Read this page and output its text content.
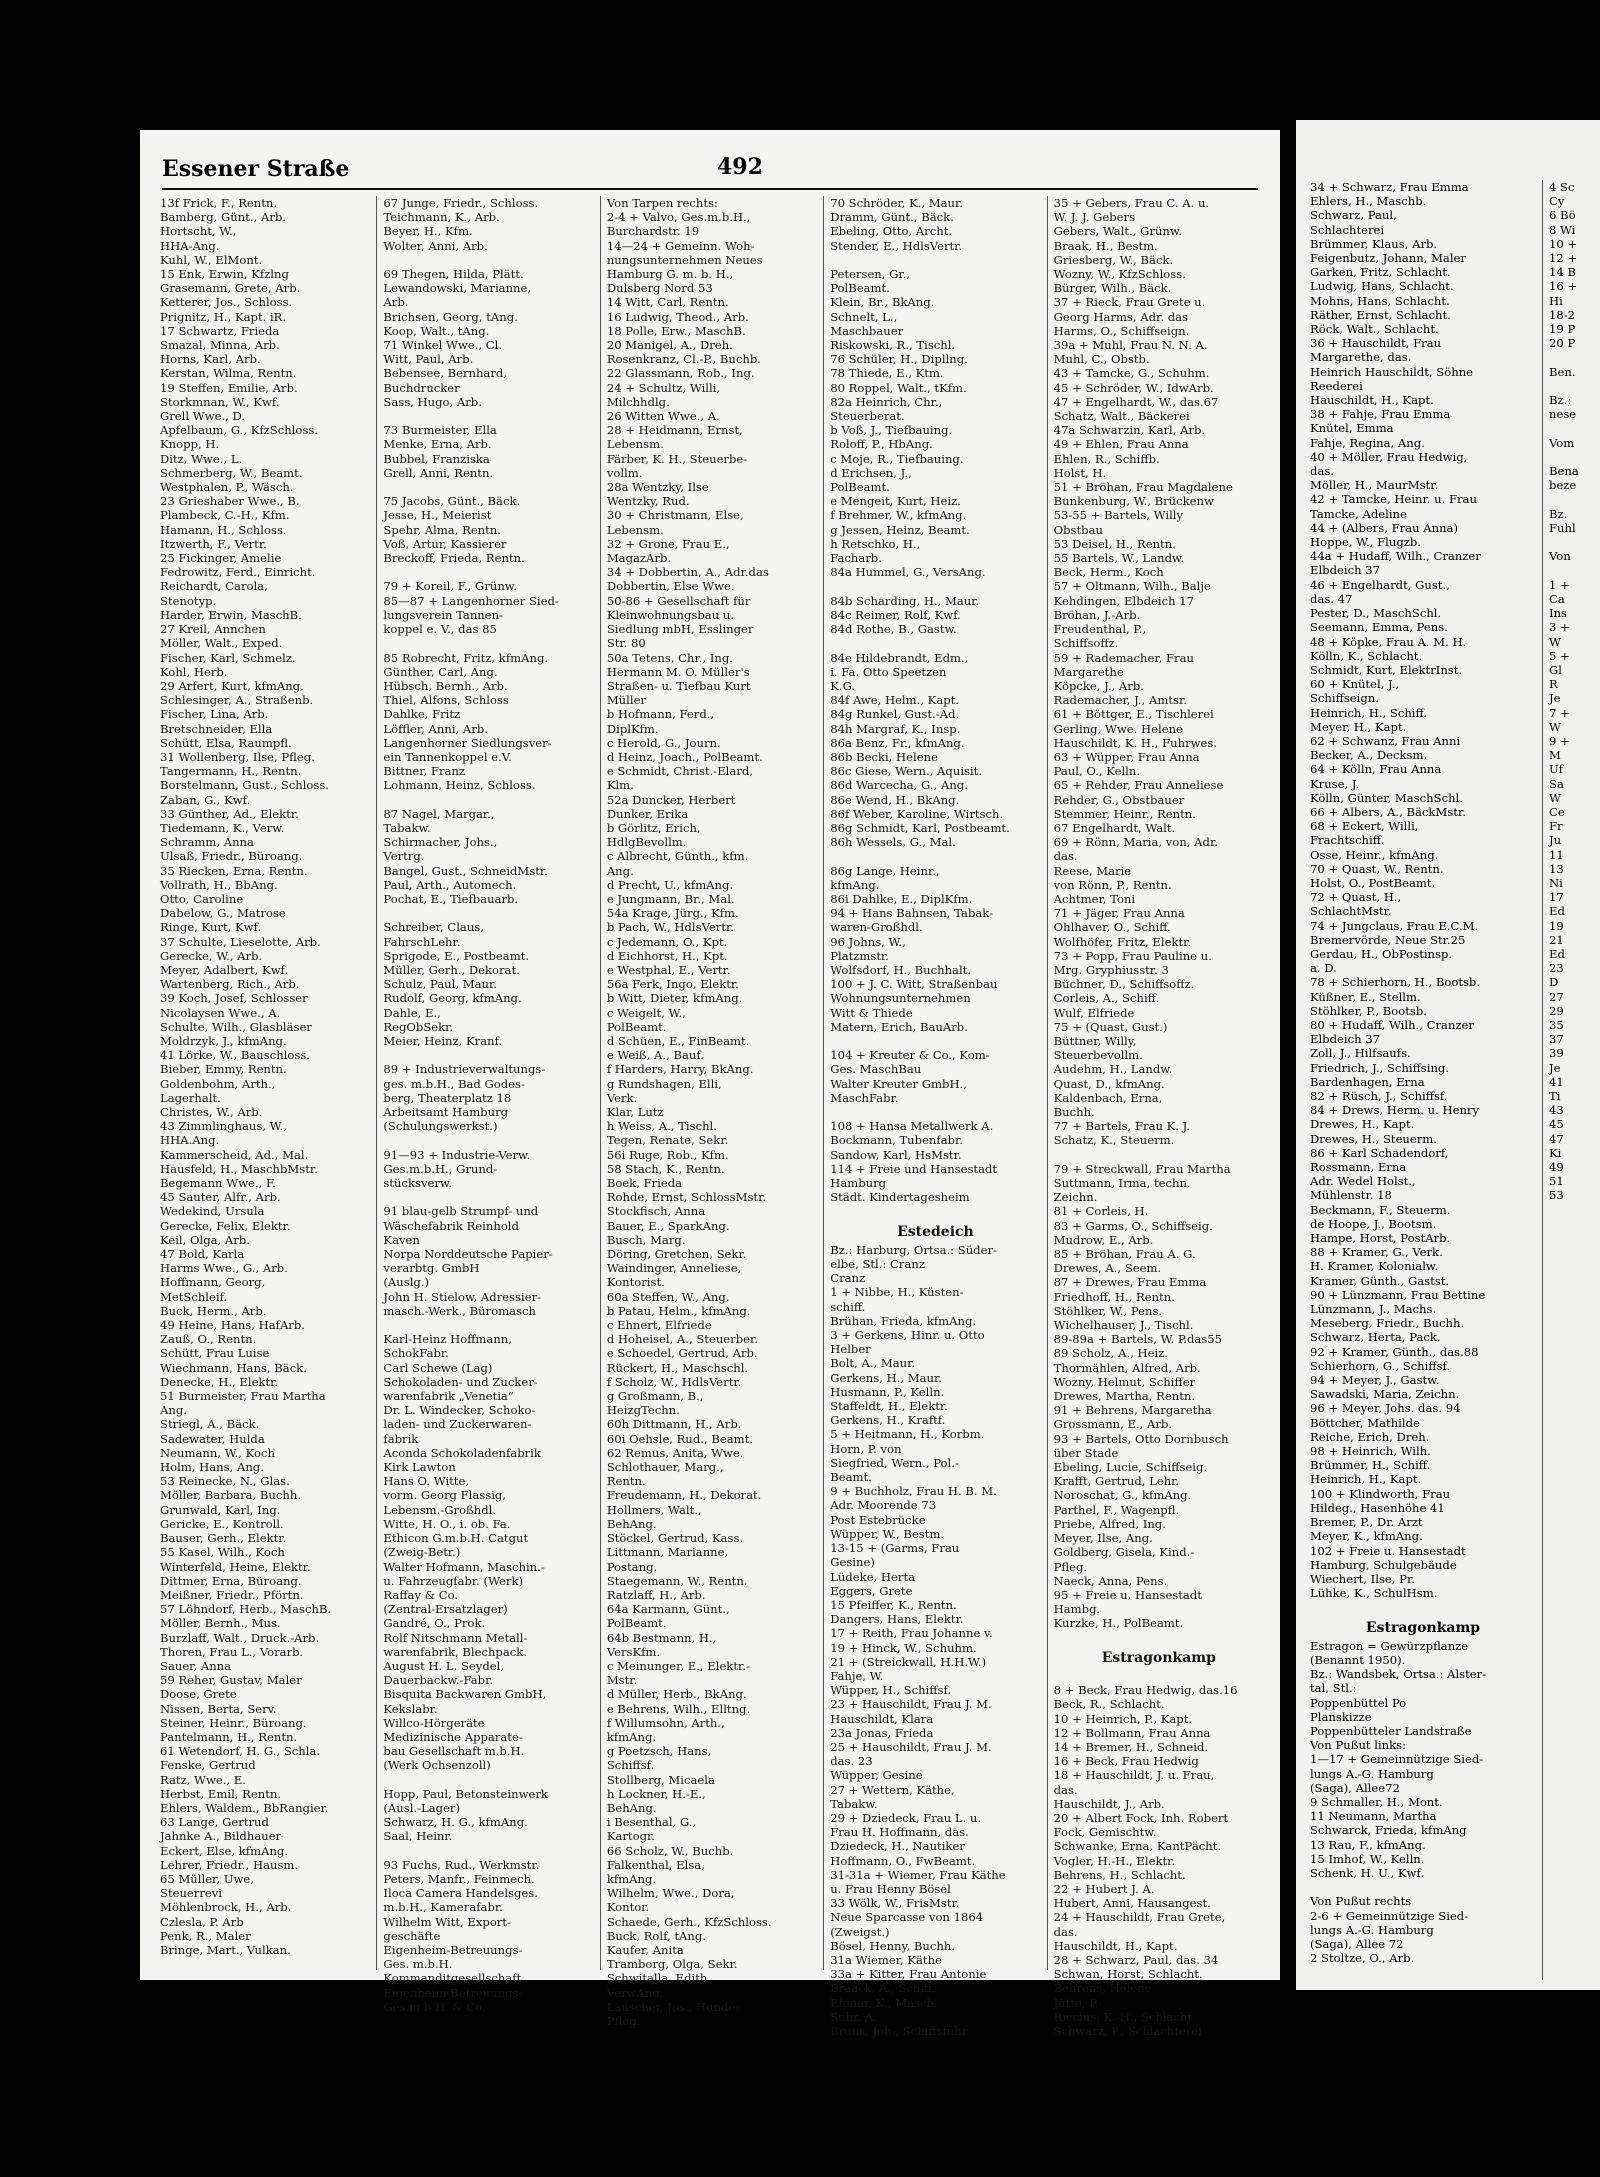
Essener Straße	492
13f Frick, F., Rentn.
Bamberg, Günt., Arb.
Hortscht, W.,
HHA-Ang.
Kuhl, W., ElMont.
15 Enk, Erwin, Kfzlng
Grasemann, Grete, Arb.
Ketterer, Jos., Schloss.
Prignitz, H., Kapt. iR.
17 Schwartz, Frieda
Smazal, Minna, Arb.
Horns, Karl, Arb.
Kerstan, Wilma, Rentn.
19 Steffen, Emilie, Arb.
Storkmnan, W., Kwf.
Grell Wwe., D.
Apfelbaum, G., KfzSchloss.
Knopp, H.
Ditz, Wwe., L.
Schmerberg, W., Beamt.
Westphalen, P., Wäsch.
23 Grieshaber Wwe., B.
Plambeck, C.-H., Kfm.
Hamann, H., Schloss.
Itzwerth, F., Vertr.
25 Fickinger, Amelie
Fedrowitz, Ferd., Einricht.
Reichardt, Carola,
Stenotyp.
Harder, Erwin, MaschB.
27 Kreil, Annchen
Möller, Walt., Exped.
Fischer, Karl, Schmelz.
Kohl, Herb.
29 Arfert, Kurt, kfmAng.
Schlesinger, A., Straßenb.
Fischer, Lina, Arb.
Bretschneider, Ella
Schütt, Elsa, Raumpfl.
31 Wollenberg, Ilse, Pfleg.
Tangermann, H., Rentn.
Borstelmann, Gust., Schloss.
Zaban, G., Kwf.
33 Günther, Ad., Elektr.
Tiedemann, K., Verw.
Schramm, Anna
Ulsaß, Friedr., Büroang.
35 Riecken, Erna, Rentn.
Vollrath, H., BbAng.
Otto, Caroline
Dabelow, G., Matrose
Ringe, Kurt, Kwf.
37 Schulte, Lieselotte, Arb.
Gerecke, W., Arb.
Meyer, Adalbert, Kwf.
Wartenberg, Rich., Arb.
39 Koch, Josef, Schlosser
Nicolaysen Wwe., A.
Schulte, Wilh., Glasbläser
Moldrzyk, J., kfmAng.
41 Lörke, W., Bauschloss.
Bieber, Emmy, Rentn.
Goldenbohm, Arth.,
Lagerhalt.
Christes, W., Arb.
43 Zimmlinghaus, W.,
HHA.Ang.
Kammerscheid, Ad., Mal.
Hausfeld, H., MaschbMstr.
Begemann Wwe., F.
45 Sauter, Alfr., Arb.
Wedekind, Ursula
Gerecke, Felix, Elektr.
Keil, Olga, Arb.
47 Bold, Karla
Harms Wwe., G., Arb.
Hoffmann, Georg,
MetSchleif.
Buck, Herm., Arb.
49 Heine, Hans, HafArb.
Zauß, O., Rentn.
Schütt, Frau Luise
Wiechmann, Hans, Bäck.
Denecke, H., Elektr.
51 Burmeister, Frau Martha
Ang.
Striegl, A., Bäck.
Sadewater, Hulda
Neumann, W., Koch
Holm, Hans, Ang.
53 Reinecke, N., Glas.
Möller, Barbara, Buchh.
Grunwald, Karl, Ing.
Gericke, E., Kontroll.
Bauser, Gerh., Elektr.
55 Kasel, Wilh., Koch
Winterfeld, Heine, Elektr.
Dittmer, Erna, Büroang.
Meißner, Friedr., Pförtn.
57 Löhndorf, Herb., MaschB.
Möller, Bernh., Mus.
Burzlaff, Walt., Druck.-Arb.
Thoren, Frau L., Vorarb.
Sauer, Anna
59 Reher, Gustav, Maler
Doose, Grete
Nissen, Berta, Serv.
Steiner, Heinr., Büroang.
Pantelmann, H., Rentn.
61 Wetendorf, H. G., Schla.
Fenske, Gertrud
Ratz, Wwe., E.
Herbst, Emil, Rentn.
Ehlers, Waldem., BbRangier.
63 Lange, Gertrud
Jahnke A., Bildhauer
Eckert, Else, kfmAng.
Lehrer, Friedr., Hausm.
65 Müller, Uwe,
Steuerrevi
Möhlenbrock, H., Arb.
Czlesla, P. Arb
Penk, R., Maler
Bringe, Mart., Vulkan.
67 Junge, Friedr., Schloss.
Teichmann, K., Arb.
Beyer, H., Kfm.
Wolter, Anni, Arb.

69 Thegen, Hilda, Plätt.
Lewandowski, Marianne,
Arb.
Brichsen, Georg, tAng.
Koop, Walt., tAng.
71 Winkel Wwe., Cl.
Witt, Paul, Arb.
Bebensee, Bernhard,
Buchdrucker
Sass, Hugo, Arb.

73 Burmeister, Ella
Menke, Erna, Arb.
Bubbel, Franziska
Grell, Anni, Rentn.

75 Jacobs, Günt., Bäck.
Jesse, H., Meierist
Spehr, Alma, Rentn.
Voß, Artur, Kassierer
Breckoff, Frieda, Rentn.

79 + Koreil, F., Grünw.
85—87 + Langenhorner Sied-
lungsverein Tannen-
koppel e. V., das 85

85 Robrecht, Fritz, kfmAng.
Günther, Carl, Ang.
Hübsch, Bernh., Arb.
Thiel, Alfons, Schloss
Dahlke, Fritz
Löffler, Anni, Arb.
Langenhorner Siedlungsver-
ein Tannenkoppel e.V.
Bittner, Franz
Lohmann, Heinz, Schloss.

87 Nagel, Margar.,
Tabakw.
Schirmacher, Johs.,
Vertrg.
Bangel, Gust., SchneidMstr.
Paul, Arth., Automech.
Pochat, E., Tiefbauarb.

Schreiber, Claus,
FahrschLehr.
Sprigode, E., Postbeamt.
Müller, Gerh., Dekorat.
Schulz, Paul, Maur.
Rudolf, Georg, kfmAng.
Dahle, E.,
RegObSekr.
Meier, Heinz, Kranf.

89 + Industrieverwaltungs-
ges. m.b.H., Bad Godes-
berg, Theaterplatz 18
Arbeitsamt Hamburg
(Schulungswerkst.)

91—93 + Industrie-Verw.
Ges.m.b.H., Grund-
stücksverw.

91 blau-gelb Strumpf- und
Wäschefabrik Reinhold
Kaven
Norpa Norddeutsche Papier-
verarbtg. GmbH
(Auslg.)
John H. Stielow, Adressier-
masch.-Werk., Büromasch

Karl-Heinz Hoffmann,
SchokFabr.
Carl Schewe (Lag)
Schokoladen- und Zucker-
warenfabrik „Venetia“
Dr. L. Windecker, Schoko-
laden- und Zuckerwaren-
fabrik
Aconda Schokoladenfabrik
Kirk Lawton
Hans O. Witte,
vorm. Georg Flassig,
Lebensm.-Großhdl.
Witte, H. O., i. ob. Fa.
Ethicon G.m.b.H. Catgut
(Zweig-Betr.)
Walter Hofmann, Maschin.-
u. Fahrzeugfabr. (Werk)
Raffay & Co.
(Zentral-Ersatzlager)
Gandré, O., Prok.
Rolf Nitschmann Metall-
warenfabrik, Blechpack.
August H. L. Seydel,
Dauerbackw.-Fabr.
Bisquita Backwaren GmbH,
Kekslabr.
Willco-Hörgeräte
Medizinische Apparate-
bau Gesellschaft m.b.H.
(Werk Ochsenzoll)

Hopp, Paul, Betonsteinwerk
(Ausl.-Lager)
Schwarz, H. G., kfmAng.
Saal, Heinr.

93 Fuchs, Rud., Werkmstr.
Peters, Manfr., Feinmech.
Iloca Camera Handelsges.
m.b.H., Kamerafabr.
Wilhelm Witt, Export-
geschäfte
Eigenheim-Betreuungs-
Ges. m.b.H.
Kommanditgesellschaft
Eigenheim-Betreuungs-
Ges.m.b.H. & Co.
Von Tarpen rechts:
2-4 + Valvo, Ges.m.b.H.,
Burchardstr. 19
14—24 + Gemeinn. Woh-
nungsunternehmen Neues
Hamburg G. m. b. H.,
Dulsberg Nord 53
14 Witt, Carl, Rentn.
16 Ludwig, Theod., Arb.
18 Polle, Erw., MaschB.
20 Manigel, A., Dreh.
Rosenkranz, Cl.-P., Buchb.
22 Glassmann, Rob., Ing.
24 + Schultz, Willi,
Milchhdlg.
26 Witten Wwe., A.
28 + Heidmann, Ernst,
Lebensm.
Färber, K. H., Steuerbe-
vollm.
28a Wentzky, Ilse
Wentzky, Rud.
30 + Christmann, Else,
Lebensm.
32 + Grone, Frau E.,
MagazArb.
34 + Dobbertin, A., Adr.das
Dobbertin, Else Wwe.
50-86 + Gesellschaft für
Kleinwohnungsbau u.
Siedlung mbH, Esslinger
Str. 80
50a Tetens, Chr., Ing.
Hermann M. O. Müller's
Straßen- u. Tiefbau Kurt
Müller
b Hofmann, Ferd.,
DiplKfm.
c Herold, G., Journ.
d Heinz, Joach., PolBeamt.
e Schmidt, Christ.-Elard,
Klm.
52a Duncker, Herbert
Dunker, Erika
b Görlitz, Erich,
HdlgBevollm.
c Albrecht, Günth., kfm.
Ang.
d Precht, U., kfmAng.
e Jungmann, Br., Mal.
54a Krage, Jürg., Kfm.
b Pach, W., HdlsVertr.
c Jedemann, O., Kpt.
d Eichhorst, H., Kpt.
e Westphal, E., Vertr.
56a Ferk, Ingo, Elektr.
b Witt, Dieter, kfmAng.
c Weigelt, W.,
PolBeamt.
d Schüen, E., FinBeamt.
e Weiß, A., Bauf.
f Harders, Harry, BkAng.
g Rundshagen, Elli,
Verk.
Klar, Lutz
h Weiss, A., Tischl.
Tegen, Renate, Sekr.
56i Ruge, Rob., Kfm.
58 Stach, K., Rentn.
Boek, Frieda
Rohde, Ernst, SchlossMstr.
Stockfisch, Anna
Bauer, E., SparkAng.
Busch, Marg.
Döring, Gretchen, Sekr.
Waindinger, Anneliese,
Kontorist.
60a Steffen, W., Ang.
b Patau, Helm., kfmAng.
c Ehnert, Elfriede
d Hoheisel, A., Steuerber.
e Schoedel, Gertrud, Arb.
Rückert, H., Maschschl.
f Scholz, W., HdlsVertr.
g Großmann, B.,
HeizgTechn.
60h Dittmann, H., Arb.
60i Oehsle, Rud., Beamt.
62 Remus, Anita, Wwe.
Schlothauer, Marg.,
Rentn.
Freudemann, H., Dekorat.
Hollmers, Walt.,
BehAng.
Stöckel, Gertrud, Kass.
Littmann, Marianne,
Postang.
Staegemann, W., Rentn.
Ratzlaff, H., Arb.
64a Karmann, Günt.,
PolBeamt.
64b Bestmann, H.,
VersKfm.
c Meinunger, E., Elektr.-
Mstr.
d Müller, Herb., BkAng.
e Behrens, Wilh., Elltng.
f Willumsohn, Arth.,
kfmAng.
g Poetzsch, Hans,
Schiffsf.
Stollberg, Micaela
h Lockner, H.-E.,
BehAng.
i Besenthal, G.,
Kartogr.
66 Scholz, W., Buchb.
Falkenthal, Elsa,
kfmAng.
Wilhelm, Wwe., Dora,
Kontor.
Schaede, Gerh., KfzSchloss.
Buck, Rolf, tAng.
Kaufer, Anita
Tramborg, Olga, Sekr.
Schwitalla, Edith,
VerwAng.
Lauscher, Jos., Hunde-
Pfleg.
70 Schröder, K., Maur.
Dramm, Günt., Bäck.
Ebeling, Otto, Archt.
Stender, E., HdlsVertr.

Petersen, Gr.,
PolBeamt.
Klein, Br., BkAng.
Schnelt, L.,
Maschbauer
Riskowski, R., Tischl.
76 Schüler, H., Dipllng.
78 Thiede, E., Ktm.
80 Roppel, Walt., tKfm.
82a Heinrich, Chr.,
Steuerberat.
b Voß, J., Tiefbauing.
Roloff, P., HbAng.
c Moje, R., Tiefbauing.
d Erichsen, J.,
PolBeamt.
e Mengeit, Kurt, Heiz.
f Brehmer, W., kfmAng.
g Jessen, Heinz, Beamt.
h Retschko, H.,
Facharb.
84a Hummel, G., VersAng.

84b Scharding, H., Maur.
84c Reimer, Rolf, Kwf.
84d Rothe, B., Gastw.

84e Hildebrandt, Edm.,
i. Fa. Otto Speetzen
K.G.
84f Awe, Helm., Kapt.
84g Runkel, Gust.-Ad.
84h Margraf, K., Insp.
86a Benz, Fr., kfmAng.
86b Becki, Helene
86c Giese, Wern., Aquisit.
86d Warcecha, G., Ang.
86e Wend, H., BkAng.
86f Weber, Karoline, Wirtsch.
86g Schmidt, Karl, Postbeamt.
86h Wessels, G., Mal.

86g Lange, Heinr.,
kfmAng.
86i Dahlke, E., DiplKfm.
94 + Hans Bahnsen, Tabak-
waren-Großhdl.
96 Johns, W.,
Platzmstr.
Wolfsdorf, H., Buchhalt.
100 + J. C. Witt, Straßenbau
Wohnungsunternehmen
Witt & Thiede
Matern, Erich, BauArb.

104 + Kreuter & Co., Kom-
Ges. MaschBau
Walter Kreuter GmbH.,
MaschFabr.

108 + Hansa Metallwerk A.
Bockmann, Tubenfabr.
Sandow, Karl, HsMstr.
114 + Freie und Hansestadt
Hamburg
Städt. Kindertagesheim

Estedeich
Bz.: Harburg, Ortsa.: Süder-
elbe, Stl.: Cranz
Cranz
1 + Nibbe, H., Küsten-
schiff.
Brühan, Frieda, kfmAng.
3 + Gerkens, Hinr. u. Otto
Helber
Bolt, A., Maur.
Gerkens, H., Maur.
Husmann, P., Kelln.
Staffeldt, H., Elektr.
Gerkens, H., Kraftf.
5 + Heitmann, H., Korbm.
Horn, P. von
Siegfried, Wern., Pol.-
Beamt.
9 + Buchholz, Frau H. B. M.
Adr. Moorende 73
Post Estebrücke
Wüpper, W., Bestm.
13-15 + (Garms, Frau
Gesine)
Lüdeke, Herta
Eggers, Grete
15 Pfeiffer, K., Rentn.
Dangers, Hans, Elektr.
17 + Reith, Frau Johanne v.
19 + Hinck, W., Schuhm.
21 + (Streickwall, H.H.W.)
Fahje, W.
Wüpper, H., Schiffsf.
23 + Hauschildt, Frau J. M.
Hauschildt, Klara
23a Jonas, Frieda
25 + Hauschildt, Frau J. M.
das. 23
Wüpper, Gesine
27 + Wettern, Käthe,
Tabakw.
29 + Dziedeck, Frau L. u.
Frau H. Hoffmann, das.
Dziedeck, H., Nautiker
Hoffmann, O., FwBeamt.
31-31a + Wiemer, Frau Käthe
u. Frau Henny Bösel
33 Wölk, W., FrisMstr.
Neue Sparcasse von 1864
(Zweigst.)
Bösel, Henny, Buchh.
31a Wiemer, Käthe
33a + Kitter, Frau Antonie
Braack, A., Schiff.
Ehmer, K., Masch.
Suhr, A.
Bruns, Joh., Schiffsführ.
35 + Gebers, Frau C. A. u.
W. J. J. Gebers
Gebers, Walt., Grünw.
Braak, H., Bestm.
Griesberg, W., Bäck.
Wozny, W., KfzSchloss.
Bürger, Wilh., Bäck.
37 + Rieck, Frau Grete u.
Georg Harms, Adr. das
Harms, O., Schiffseign.
39a + Muhl, Frau N. N. A.
Muhl, C., Obstb.
43 + Tamcke, G., Schuhm.
45 + Schröder, W., IdwArb.
47 + Engelhardt, W., das.67
Schatz, Walt., Bäckerei
47a Schwarzin, Karl, Arb.
49 + Ehlen, Frau Anna
Ehlen, R., Schiffb.
Holst, H.
51 + Bröhan, Frau Magdalene
Bunkenburg, W., Brückenw
53-55 + Bartels, Willy
Obstbau
53 Deisel, H., Rentn.
55 Bartels, W., Landw.
Beck, Herm., Koch
57 + Oltmann, Wilh., Balje
Kehdingen, Elbdeich 17
Bröhan, J.-Arb.
Freudenthal, P.,
Schiffsoffz.
59 + Rademacher, Frau
Margarethe
Köpcke, J., Arb.
Rademacher, J., Amtsr.
61 + Böttger, E., Tischlerei
Gerling, Wwe. Helene
Hauschildt, K. H., Fuhrwes.
63 + Wüpper, Frau Anna
Paul, O., Kelln.
65 + Rehder, Frau Anneliese
Rehder, G., Obstbauer
Stemmer, Heinr., Rentn.
67 Engelhardt, Walt.
69 + Rönn, Maria, von, Adr.
das.
Reese, Marie
von Rönn, P., Rentn.
Achtmer, Toni
71 + Jäger, Frau Anna
Ohlhaver, O., Schiff.
Wolfhöfer, Fritz, Elektr.
73 + Popp, Frau Pauline u.
Mrg. Gryphiusstr. 3
Büchner, D., Schiffsoffz.
Corleis, A., Schiff.
Wulf, Elfriede
75 + (Quast, Gust.)
Büttner, Willy,
Steuerbevollm.
Audehm, H., Landw.
Quast, D., kfmAng.
Kaldenbach, Erna,
Buchh.
77 + Bartels, Frau K. J.
Schatz, K., Steuerm.

79 + Streckwall, Frau Martha
Suttmann, Irma, techn.
Zeichn.
81 + Corleis, H.
83 + Garms, O., Schiffseig.
Mudrow, E., Arb.
85 + Bröhan, Frau A. G.
Drewes, A., Seem.
87 + Drewes, Frau Emma
Friedhoff, H., Rentn.
Stöhlker, W., Pens.
Wichelhauser, J., Tischl.
89-89a + Bartels, W. P.das55
89 Scholz, A., Heiz.
Thormählen, Alfred, Arb.
Wozny, Helmut, Schiffer
Drewes, Martha, Rentn.
91 + Behrens, Margaretha
Grossmann, E., Arb.
93 + Bartels, Otto Dornbusch
über Stade
Ebeling, Lucie, Schiffseig.
Krafft, Gertrud, Lehr.
Noroschat, G., kfmAng.
Parthel, F., Wagenpfl.
Priebe, Alfred, Ing.
Meyer, Ilse, Ang.
Goldberg, Gisela, Kind.-
Pfleg.
Naeck, Anna, Pens.
95 + Freie u. Hansestadt
Hambg.
Kurzke, H., PolBeamt.

Estragonkamp

8 + Beck, Frau Hedwig, das.16
Beck, R., Schlacht.
10 + Heinrich, P., Kapt.
12 + Bollmann, Frau Anna
14 + Bremer, H., Schneid.
16 + Beck, Frau Hedwig
18 + Hauschildt, J. u. Frau,
das.
Hauschildt, J., Arb.
20 + Albert Fock, Inh. Robert
Fock, Gemischtw.
Schwanke, Erna, KantPächt.
Vogler, H.-H., Elektr.
Behrens, H., Schlacht.
22 + Hubert J. A.
Hubert, Anni, Hausangest.
24 + Hauschildt, Frau Grete,
das.
Hauschildt, H., Kapt.
28 + Schwarz, Paul, das. 34
Schwan, Horst, Schlacht.
Behrens, Helene
Jütte, P.
Riccius, K.-H., Schlacht.
Schwarz, P., Schlachterei
34 + Schwarz, Frau Emma
Ehlers, H., Maschb.
Schwarz, Paul,
Schlachterei
Brümmer, Klaus, Arb.
Feigenbutz, Johann, Maler
Garken, Fritz, Schlacht.
Ludwig, Hans, Schlacht.
Mohns, Hans, Schlacht.
Räther, Ernst, Schlacht.
Röck, Walt., Schlacht.
36 + Hauschildt, Frau
Margarethe, das.
Heinrich Hauschildt, Söhne
Reederei
Hauschildt, H., Kapt.
38 + Fahje, Frau Emma
Knütel, Emma
Fahje, Regina, Ang.
40 + Möller, Frau Hedwig,
das.
Möller, H., MaurMstr.
42 + Tamcke, Heinr. u. Frau
Tamcke, Adeline
44 + (Albers, Frau Anna)
Hoppe, W., Flugzb.
44a + Hudaff, Wilh., Cranzer
Elbdeich 37
46 + Engelhardt, Gust.,
das. 47
Pester, D., MaschSchl.
Seemann, Emma, Pens.
48 + Köpke, Frau A. M. H.
Kölln, K., Schlacht.
Schmidt, Kurt, ElektrInst.
60 + Knütel, J.,
Schiffseign.
Heinrich, H., Schiff.
Meyer, H., Kapt.
62 + Schwanz, Frau Anni
Becker, A., Decksm.
64 + Kölln, Frau Anna
Kruse, J.
Kölln, Günter, MaschSchl.
66 + Albers, A., BäckMstr.
68 + Eckert, Willi,
Frachtschiff.
Osse, Heinr., kfmAng.
70 + Quast, W., Rentn.
Holst, O., PostBeamt.
72 + Quast, H.,
SchlachtMstr.
74 + Jungclaus, Frau E.C.M.
Bremervörde, Neue Str.25
Gerdau, H., ObPostinsp.
a. D.
78 + Schierhorn, H., Bootsb.
Küßner, E., Stellm.
Stöhlker, P., Bootsb.
80 + Hudaff, Wilh., Cranzer
Elbdeich 37
Zoll, J., Hilfsaufs.
Friedrich, J., Schiffsing.
Bardenhagen, Erna
82 + Rüsch, J., Schiffsf.
84 + Drews, Herm. u. Henry
Drewes, H., Kapt.
Drewes, H., Steuerm.
86 + Karl Schadendorf,
Rossmann, Erna
Adr. Wedel Holst.,
Mühlenstr. 18
Beckmann, F., Steuerm.
de Hoope, J., Bootsm.
Hampe, Horst, PostArb.
88 + Kramer, G., Verk.
H. Kramer, Kolonialw.
Kramer, Günth., Gastst.
90 + Lünzmann, Frau Bettine
Lünzmann, J., Machs.
Meseberg, Friedr., Buchh.
Schwarz, Herta, Pack.
92 + Kramer, Günth., das.88
Schierhorn, G., Schiffsf.
94 + Meyer, J., Gastw.
Sawadski, Maria, Zeichn.
96 + Meyer, Johs. das. 94
Böttcher, Mathilde
Reiche, Erich, Dreh.
98 + Heinrich, Wilh.
Brümmer, H., Schiff.
Heinrich, H., Kapt.
100 + Klindworth, Frau
Hildeg., Hasenhöhe 41
Bremer, P., Dr. Arzt
Meyer, K., kfmAng.
102 + Freie u. Hansestadt
Hamburg, Schulgebäude
Wiechert, Ilse, Pr.
Lühke, K., SchulHsm.

Estragonkamp
Estragon = Gewürzpflanze
(Benannt 1950).
Bz.: Wandsbek, Ortsa.: Alster-
tal, Stl.:
Poppenbüttel Po
Planskizze
Poppenbütteler Landstraße
Von Pußut links:
1—17 + Gemeinnützige Sied-
lungs A.-G. Hamburg
(Saga), Allee72
9 Schmaller, H., Mont.
11 Neumann, Martha
Schwarck, Frieda, kfmAng
13 Rau, F., kfmAng.
15 Imhof, W., Kelln.
Schenk, H. U., Kwf.

Von Pußut rechts
2-6 + Gemeinnützige Sied-
lungs A.-G. Hamburg
(Saga), Allee 72
2 Stoltze, O., Arb.
4 Sc
Cy
6 Bö
8 Wi
10 +
12 +
14 B
16 +
Hi
18-2
19 P
20 P

Ben.

Bz.:
nese

Vom

Bena
beze

Bz.
Fuhl

Von

1 +
Ca
Ins
3 +
W
5 +
Gl
R
Je
7 +
W
9 +
M
Uf
Sa
W
Ce
Fr
Ju
11
13
Ni
17
Ed
19
21
Ed
23
D
27
29
35
37
39
Je
41
Ti
43
45
47
Ki
49
51
53
